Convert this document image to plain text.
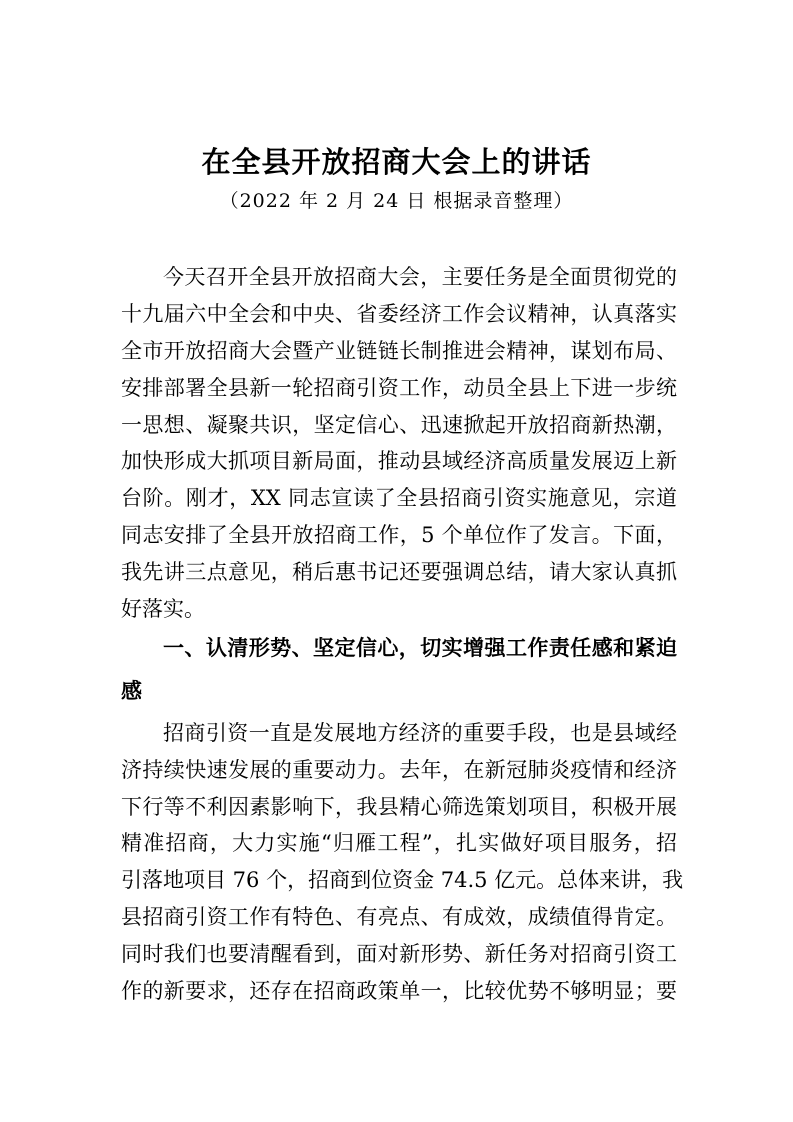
在全县开放招商大会上的讲话
（2022 年 2 月 24 日 根据录音整理）
今天召开全县开放招商大会，主要任务是全面贯彻党的
十九届六中全会和中央、省委经济工作会议精神，认真落实
全市开放招商大会暨产业链链长制推进会精神，谋划布局、
安排部署全县新一轮招商引资工作，动员全县上下进一步统
一思想、凝聚共识，坚定信心、迅速掀起开放招商新热潮，
加快形成大抓项目新局面，推动县域经济高质量发展迈上新
台阶。刚才，XX 同志宣读了全县招商引资实施意见，宗道
同志安排了全县开放招商工作，5 个单位作了发言。下面，
我先讲三点意见，稍后惠书记还要强调总结，请大家认真抓
好落实。
一、认清形势、坚定信心，切实增强工作责任感和紧迫
感
招商引资一直是发展地方经济的重要手段，也是县域经
济持续快速发展的重要动力。去年，在新冠肺炎疫情和经济
下行等不利因素影响下，我县精心筛选策划项目，积极开展
精准招商，大力实施“归雁工程”，扎实做好项目服务，招
引落地项目 76 个，招商到位资金 74.5 亿元。总体来讲，我
县招商引资工作有特色、有亮点、有成效，成绩值得肯定。
同时我们也要清醒看到，面对新形势、新任务对招商引资工
作的新要求，还存在招商政策单一，比较优势不够明显；要
